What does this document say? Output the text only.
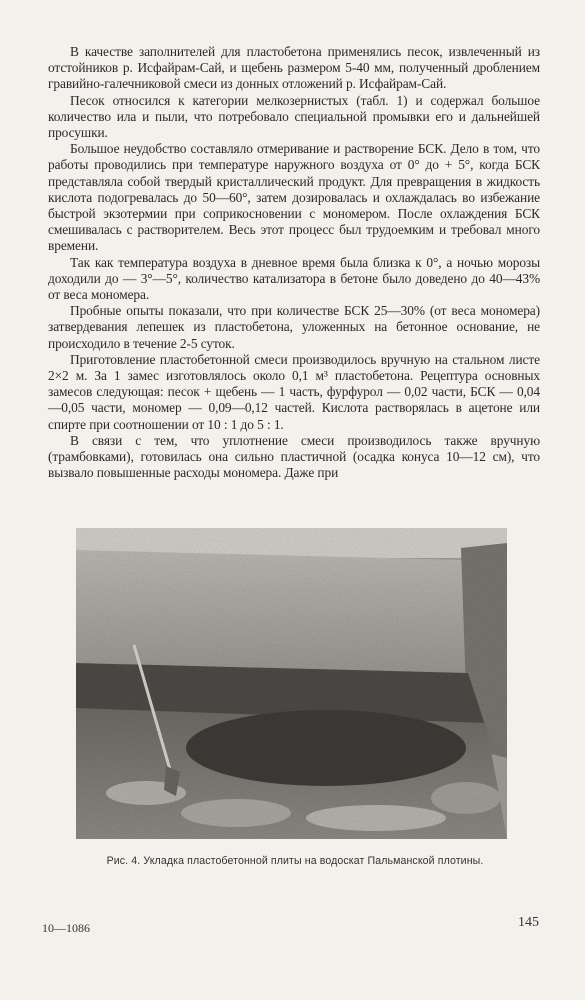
В качестве заполнителей для пластобетона применялись песок, извлеченный из отстойников р. Исфайрам-Сай, и щебень размером 5-40 мм, полученный дроблением гравийно-галечниковой смеси из донных отложений р. Исфайрам-Сай.

Песок относился к категории мелкозернистых (табл. 1) и содержал большое количество ила и пыли, что потребовало специальной промывки его и дальнейшей просушки.

Большое неудобство составляло отмеривание и растворение БСК. Дело в том, что работы проводились при температуре наружного воздуха от 0° до + 5°, когда БСК представляла собой твердый кристаллический продукт. Для превращения в жидкость кислота подогревалась до 50—60°, затем дозировалась и охлаждалась во избежание быстрой экзотермии при соприкосновении с мономером. После охлаждения БСК смешивалась с растворителем. Весь этот процесс был трудоемким и требовал много времени.

Так как температура воздуха в дневное время была близка к 0°, а ночью морозы доходили до — 3°—5°, количество катализатора в бетоне было доведено до 40—43% от веса мономера.

Пробные опыты показали, что при количестве БСК 25—30% (от веса мономера) затвердевания лепешек из пластобетона, уложенных на бетонное основание, не происходило в течение 2-5 суток.

Приготовление пластобетонной смеси производилось вручную на стальном листе 2×2 м. За 1 замес изготовлялось около 0,1 м³ пластобетона. Рецептура основных замесов следующая: песок + щебень — 1 часть, фурфурол — 0,02 части, БСК — 0,04—0,05 части, мономер — 0,09—0,12 частей. Кислота растворялась в ацетоне или спирте при соотношении от 10 : 1 до 5 : 1.

В связи с тем, что уплотнение смеси производилось также вручную (трамбовками), готовилась она сильно пластичной (осадка конуса 10—12 см), что вызвало повышенные расходы мономера. Даже при

Рис. 4. Укладка пластобетонной плиты на водоскат Пальманской плотины.
10—1086	145
